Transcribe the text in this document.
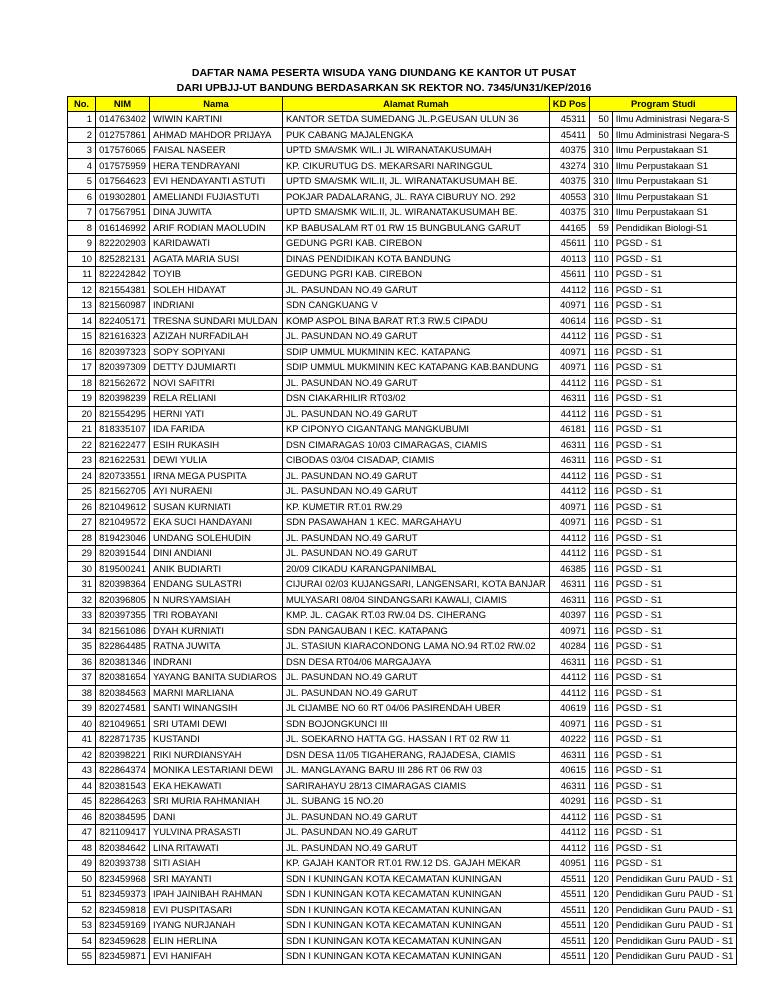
DAFTAR NAMA PESERTA WISUDA YANG DIUNDANG KE KANTOR UT PUSAT
DARI UPBJJ-UT BANDUNG BERDASARKAN SK REKTOR NO. 7345/UN31/KEP/2016
No.	NIM	Nama	Alamat Rumah	KD Pos	Program Studi	
1	014763402	WIWIN KARTINI	KANTOR SETDA SUMEDANG JL.P.GEUSAN ULUN 36	45311	50	Ilmu Administrasi Negara-S
2	012757861	AHMAD MAHDOR PRIJAYA	PUK CABANG MAJALENGKA	45411	50	Ilmu Administrasi Negara-S
3	017576065	FAISAL NASEER	UPTD SMA/SMK WIL.I JL WIRANATAKUSUMAH	40375	310	Ilmu Perpustakaan S1
4	017575959	HERA TENDRAYANI	KP. CIKURUTUG DS. MEKARSARI NARINGGUL	43274	310	Ilmu Perpustakaan S1
5	017564623	EVI HENDAYANTI ASTUTI	UPTD SMA/SMK WIL.II, JL. WIRANATAKUSUMAH BE.	40375	310	Ilmu Perpustakaan S1
6	019302801	AMELIANDI FUJIASTUTI	POKJAR PADALARANG, JL. RAYA CIBURUY NO. 292	40553	310	Ilmu Perpustakaan S1
7	017567951	DINA JUWITA	UPTD SMA/SMK WIL.II, JL. WIRANATAKUSUMAH BE.	40375	310	Ilmu Perpustakaan S1
8	016146992	ARIF RODIAN MAOLUDIN	KP BABUSALAM RT 01 RW 15 BUNGBULANG GARUT	44165	59	Pendidikan Biologi-S1
9	822202903	KARIDAWATI	GEDUNG PGRI KAB. CIREBON	45611	110	PGSD - S1
10	825282131	AGATA MARIA SUSI	DINAS PENDIDIKAN KOTA BANDUNG	40113	110	PGSD - S1
11	822242842	TOYIB	GEDUNG PGRI KAB. CIREBON	45611	110	PGSD - S1
12	821554381	SOLEH HIDAYAT	JL. PASUNDAN NO.49 GARUT	44112	116	PGSD - S1
13	821560987	INDRIANI	SDN CANGKUANG V	40971	116	PGSD - S1
14	822405171	TRESNA SUNDARI MULDAN	KOMP ASPOL BINA BARAT RT.3 RW.5 CIPADU	40614	116	PGSD - S1
15	821616323	AZIZAH NURFADILAH	JL. PASUNDAN NO.49 GARUT	44112	116	PGSD - S1
16	820397323	SOPY SOPIYANI	SDIP UMMUL MUKMININ KEC. KATAPANG	40971	116	PGSD - S1
17	820397309	DETTY DJUMIARTI	SDIP UMMUL MUKMININ KEC KATAPANG KAB.BANDUNG	40971	116	PGSD - S1
18	821562672	NOVI SAFITRI	JL. PASUNDAN NO.49 GARUT	44112	116	PGSD - S1
19	820398239	RELA RELIANI	DSN CIAKARHILIR RT03/02	46311	116	PGSD - S1
20	821554295	HERNI YATI	JL. PASUNDAN NO.49 GARUT	44112	116	PGSD - S1
21	818335107	IDA FARIDA	KP CIPONYO CIGANTANG MANGKUBUMI	46181	116	PGSD - S1
22	821622477	ESIH RUKASIH	DSN CIMARAGAS 10/03 CIMARAGAS, CIAMIS	46311	116	PGSD - S1
23	821622531	DEWI YULIA	CIBODAS 03/04 CISADAP, CIAMIS	46311	116	PGSD - S1
24	820733551	IRNA MEGA PUSPITA	JL. PASUNDAN NO.49 GARUT	44112	116	PGSD - S1
25	821562705	AYI NURAENI	JL. PASUNDAN NO.49 GARUT	44112	116	PGSD - S1
26	821049612	SUSAN KURNIATI	KP. KUMETIR RT.01 RW.29	40971	116	PGSD - S1
27	821049572	EKA SUCI HANDAYANI	SDN PASAWAHAN 1 KEC. MARGAHAYU	40971	116	PGSD - S1
28	819423046	UNDANG SOLEHUDIN	JL. PASUNDAN NO.49 GARUT	44112	116	PGSD - S1
29	820391544	DINI ANDIANI	JL. PASUNDAN NO.49 GARUT	44112	116	PGSD - S1
30	819500241	ANIK BUDIARTI	20/09 CIKADU KARANGPANIMBAL	46385	116	PGSD - S1
31	820398364	ENDANG SULASTRI	CIJURAI 02/03 KUJANGSARI, LANGENSARI, KOTA BANJAR	46311	116	PGSD - S1
32	820396805	N NURSYAMSIAH	MULYASARI 08/04 SINDANGSARI KAWALI, CIAMIS	46311	116	PGSD - S1
33	820397355	TRI ROBAYANI	KMP. JL. CAGAK RT.03 RW.04 DS. CIHERANG	40397	116	PGSD - S1
34	821561086	DYAH KURNIATI	SDN PANGAUBAN I KEC. KATAPANG	40971	116	PGSD - S1
35	822864485	RATNA JUWITA	JL. STASIUN KIARACONDONG LAMA NO.94 RT.02 RW.02	40284	116	PGSD - S1
36	820381346	INDRANI	DSN DESA RT04/06 MARGAJAYA	46311	116	PGSD - S1
37	820381654	YAYANG BANITA SUDIAROS	JL. PASUNDAN NO.49 GARUT	44112	116	PGSD - S1
38	820384563	MARNI MARLIANA	JL. PASUNDAN NO.49 GARUT	44112	116	PGSD - S1
39	820274581	SANTI WINANGSIH	JL CIJAMBE NO 60 RT 04/06 PASIRENDAH UBER	40619	116	PGSD - S1
40	821049651	SRI UTAMI DEWI	SDN BOJONGKUNCI III	40971	116	PGSD - S1
41	822871735	KUSTANDI	JL. SOEKARNO HATTA GG. HASSAN I RT 02 RW 11	40222	116	PGSD - S1
42	820398221	RIKI NURDIANSYAH	DSN DESA 11/05 TIGAHERANG, RAJADESA, CIAMIS	46311	116	PGSD - S1
43	822864374	MONIKA LESTARIANI DEWI	JL. MANGLAYANG BARU III 286 RT 06 RW 03	40615	116	PGSD - S1
44	820381543	EKA HEKAWATI	SARIRAHAYU 28/13 CIMARAGAS CIAMIS	46311	116	PGSD - S1
45	822864263	SRI MURIA RAHMANIAH	JL. SUBANG 15 NO.20	40291	116	PGSD - S1
46	820384595	DANI	JL. PASUNDAN NO.49 GARUT	44112	116	PGSD - S1
47	821109417	YULVINA PRASASTI	JL. PASUNDAN NO.49 GARUT	44112	116	PGSD - S1
48	820384642	LINA RITAWATI	JL. PASUNDAN NO.49 GARUT	44112	116	PGSD - S1
49	820393738	SITI ASIAH	KP. GAJAH KANTOR RT.01 RW.12 DS. GAJAH MEKAR	40951	116	PGSD - S1
50	823459968	SRI MAYANTI	SDN I KUNINGAN KOTA KECAMATAN KUNINGAN	45511	120	Pendidikan Guru PAUD - S1
51	823459373	IPAH JAINIBAH RAHMAN	SDN I KUNINGAN KOTA KECAMATAN KUNINGAN	45511	120	Pendidikan Guru PAUD - S1
52	823459818	EVI PUSPITASARI	SDN I KUNINGAN KOTA KECAMATAN KUNINGAN	45511	120	Pendidikan Guru PAUD - S1
53	823459169	IYANG NURJANAH	SDN I KUNINGAN KOTA KECAMATAN KUNINGAN	45511	120	Pendidikan Guru PAUD - S1
54	823459628	ELIN HERLINA	SDN I KUNINGAN KOTA KECAMATAN KUNINGAN	45511	120	Pendidikan Guru PAUD - S1
55	823459871	EVI HANIFAH	SDN I KUNINGAN KOTA KECAMATAN KUNINGAN	45511	120	Pendidikan Guru PAUD - S1
